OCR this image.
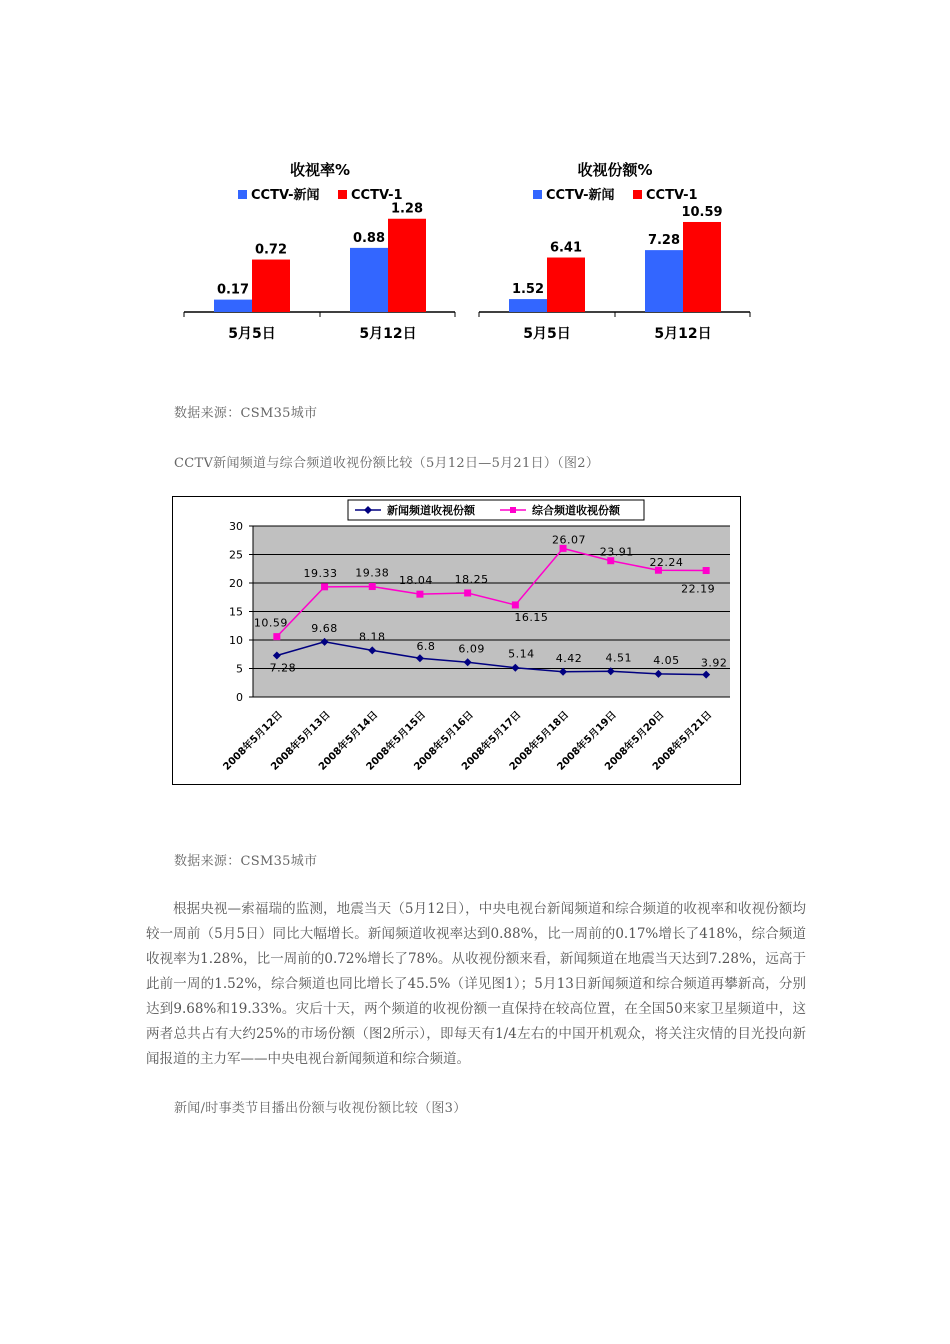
收视率%
CCTV-新闻 CCTV-1
0.17
0.72
5月5日
0.88
1.28
5月12日
收视份额%
CCTV-新闻 CCTV-1
1.52
6.41
5月5日
7.28
10.59
5月12日
数据来源：CSM35城市
CCTV新闻频道与综合频道收视份额比较（5月12日—5月21日）（图2）
0
5
10
15
20
25
30
2008年5月12日
2008年5月13日
2008年5月14日
2008年5月15日
2008年5月16日
2008年5月17日
2008年5月18日
2008年5月19日
2008年5月20日
2008年5月21日
新闻频道收视份额	综合频道收视份额
7.28
9.68
8.18
6.8 6.09 5.14 4.42 4.51 4.05 3.92
10.59
19.33 19.38
18.04 18.25
16.15
26.07
23.91
22.24
22.19
数据来源：CSM35城市
根据央视—索福瑞的监测，地震当天（5月12日），中央电视台新闻频道和综合频道的收视率和收视份额均较一周前（5月5日）同比大幅增长。新闻频道收视率达到0.88%，比一周前的0.17%增长了418%，综合频道收视率为1.28%，比一周前的0.72%增长了78%。从收视份额来看，新闻频道在地震当天达到7.28%，远高于此前一周的1.52%，综合频道也同比增长了45.5%（详见图1）；5月13日新闻频道和综合频道再攀新高，分别达到9.68%和19.33%。灾后十天，两个频道的收视份额一直保持在较高位置，在全国50来家卫星频道中，这两者总共占有大约25%的市场份额（图2所示），即每天有1/4左右的中国开机观众，将关注灾情的目光投向新闻报道的主力军——中央电视台新闻频道和综合频道。
新闻/时事类节目播出份额与收视份额比较（图3）
